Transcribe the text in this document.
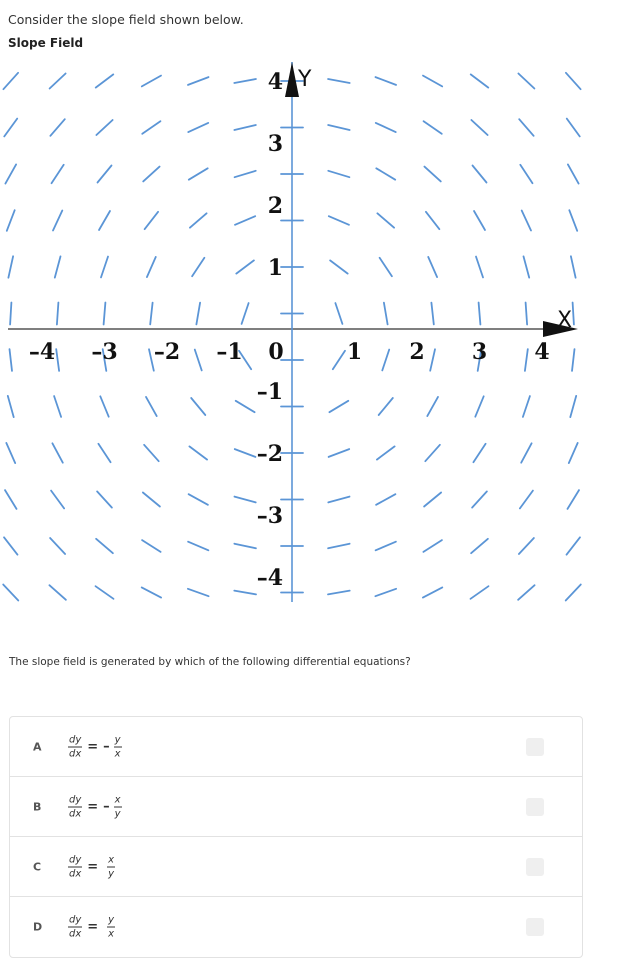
Consider the slope field shown below.
Slope Field
X
Y
–4 –3 –2 –1 0	1 2 3 4
4
3
2
1
–1
–2
–3
–4
The slope field is generated by which of the following differential equations?
A	$\frac{dy}{dx}$ = – $\frac{y}{x}$
B	$\frac{dy}{dx}$ = – $\frac{x}{y}$
C	$\frac{dy}{dx} = \frac{x}{y}$
D	$\frac{dy}{dx} = \frac{y}{x}$
